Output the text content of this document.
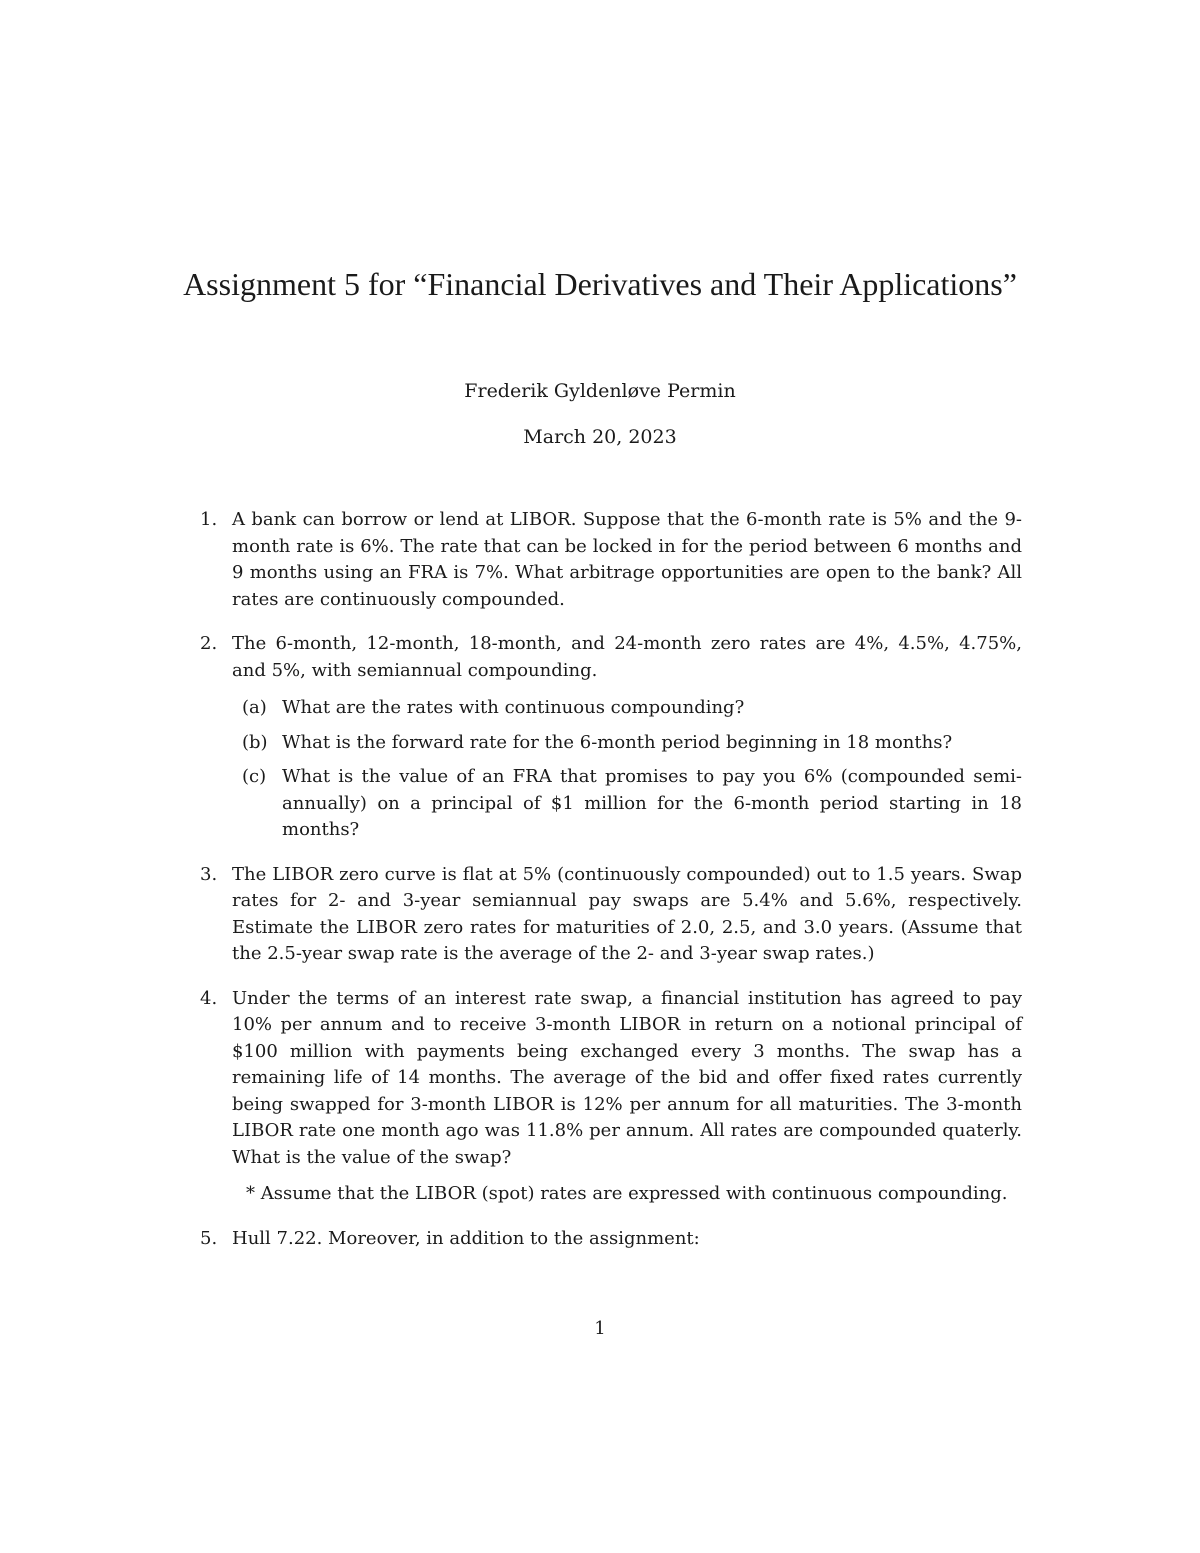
Assignment 5 for “Financial Derivatives and Their Applications”
Frederik Gyldenløve Permin
March 20, 2023
1. A bank can borrow or lend at LIBOR. Suppose that the 6-month rate is 5% and the 9-month rate is 6%. The rate that can be locked in for the period between 6 months and 9 months using an FRA is 7%. What arbitrage opportunities are open to the bank? All rates are continuously compounded.
2. The 6-month, 12-month, 18-month, and 24-month zero rates are 4%, 4.5%, 4.75%, and 5%, with semiannual compounding.
(a) What are the rates with continuous compounding?
(b) What is the forward rate for the 6-month period beginning in 18 months?
(c) What is the value of an FRA that promises to pay you 6% (compounded semi-annually) on a principal of $1 million for the 6-month period starting in 18 months?
3. The LIBOR zero curve is flat at 5% (continuously compounded) out to 1.5 years. Swap rates for 2- and 3-year semiannual pay swaps are 5.4% and 5.6%, respectively. Estimate the LIBOR zero rates for maturities of 2.0, 2.5, and 3.0 years. (Assume that the 2.5-year swap rate is the average of the 2- and 3-year swap rates.)
4. Under the terms of an interest rate swap, a financial institution has agreed to pay 10% per annum and to receive 3-month LIBOR in return on a notional principal of $100 million with payments being exchanged every 3 months. The swap has a remaining life of 14 months. The average of the bid and offer fixed rates currently being swapped for 3-month LIBOR is 12% per annum for all maturities. The 3-month LIBOR rate one month ago was 11.8% per annum. All rates are compounded quaterly. What is the value of the swap?
* Assume that the LIBOR (spot) rates are expressed with continuous compounding.
5. Hull 7.22. Moreover, in addition to the assignment:
1
